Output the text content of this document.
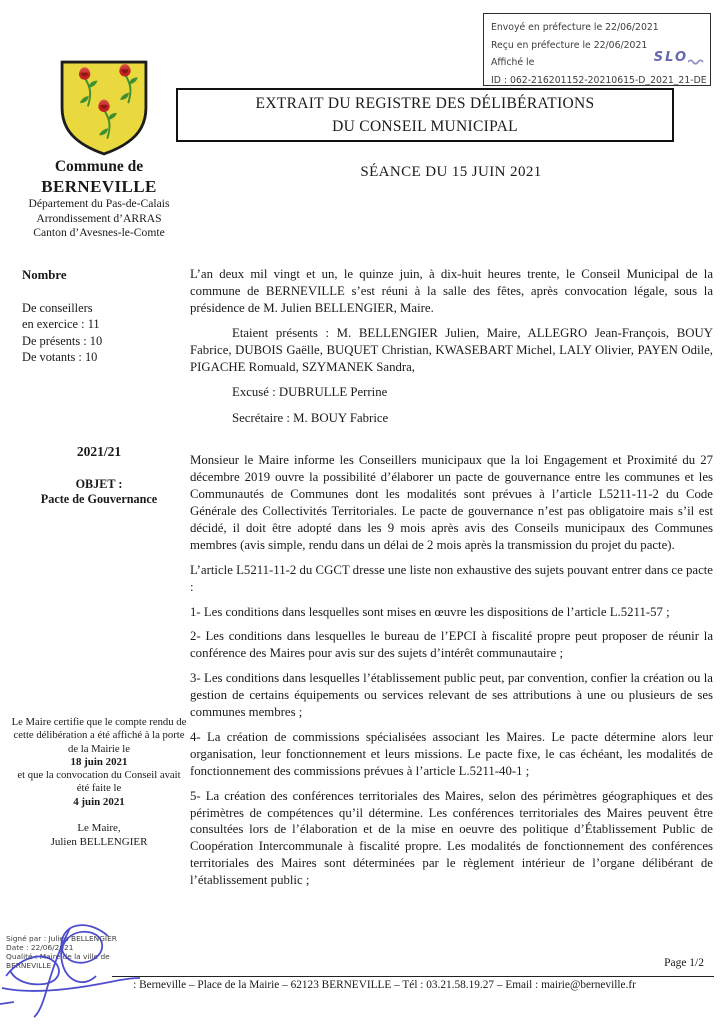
Envoyé en préfecture le 22/06/2021
Reçu en préfecture le 22/06/2021
Affiché le
ID : 062-216201152-20210615-D_2021_21-DE
SLO
Commune de
BERNEVILLE
Département du Pas-de-Calais
Arrondissement d’ARRAS
Canton d’Avesnes-le-Comte
EXTRAIT DU REGISTRE DES DÉLIBÉRATIONS
DU CONSEIL MUNICIPAL
SÉANCE DU 15 JUIN 2021
Nombre
De conseillers
en exercice : 11
De présents : 10
De votants : 10
2021/21
OBJET :
Pacte de Gouvernance
Le Maire certifie que le compte rendu de cette délibération a été affiché à la porte de la Mairie le
18 juin 2021
et que la convocation du Conseil avait été faite le
4 juin 2021
Le Maire,
Julien BELLENGIER

L’an deux mil vingt et un, le quinze juin, à dix-huit heures trente, le Conseil Municipal de la commune de BERNEVILLE s’est réuni à la salle des fêtes, après convocation légale, sous la présidence de M. Julien BELLENGIER, Maire.

Etaient présents : M. BELLENGIER Julien, Maire, ALLEGRO Jean-François, BOUY Fabrice, DUBOIS Gaëlle, BUQUET Christian, KWASEBART Michel, LALY Olivier, PAYEN Odile, PIGACHE Romuald, SZYMANEK Sandra,

Excusé : DUBRULLE Perrine

Secrétaire : M. BOUY Fabrice

Monsieur le Maire informe les Conseillers municipaux que la loi Engagement et Proximité du 27 décembre 2019 ouvre la possibilité d’élaborer un pacte de gouvernance entre les communes et les Communautés de Communes dont les modalités sont prévues à l’article L5211-11-2 du Code Générale des Collectivités Territoriales. Le pacte de gouvernance n’est pas obligatoire mais s’il est décidé, il doit être adopté dans les 9 mois après avis des Conseils municipaux des Communes membres (avis simple, rendu dans un délai de 2 mois après la transmission du projet du pacte).

L’article L5211-11-2 du CGCT dresse une liste non exhaustive des sujets pouvant entrer dans ce pacte :

1- Les conditions dans lesquelles sont mises en œuvre les dispositions de l’article L.5211-57 ;

2- Les conditions dans lesquelles le bureau de l’EPCI à fiscalité propre peut proposer de réunir la conférence des Maires pour avis sur des sujets d’intérêt communautaire ;

3- Les conditions dans lesquelles l’établissement public peut, par convention, confier la création ou la gestion de certains équipements ou services relevant de ses attributions à une ou plusieurs de ses communes membres ;

4- La création de commissions spécialisées associant les Maires. Le pacte détermine alors leur organisation, leur fonctionnement et leurs missions. Le pacte fixe, le cas échéant, les modalités de fonctionnement des commissions prévues à l’article L.5211-40-1 ;

5- La création des conférences territoriales des Maires, selon des périmètres géographiques et des périmètres de compétences qu’il détermine. Les conférences territoriales des Maires peuvent être consultées lors de l’élaboration et de la mise en oeuvre des politique d’Établissement Public de Coopération Intercommunale à fiscalité propre. Les modalités de fonctionnement des conférences territoriales des Maires sont déterminées par le règlement intérieur de l’organe délibérant de l’établissement public ;

Signé par : Julien BELLENGIER
Date : 22/06/2021
Qualité : Maire de la ville de
BERNEVILLE	Page 1/2
: Berneville – Place de la Mairie – 62123 BERNEVILLE – Tél : 03.21.58.19.27 – Email : mairie@berneville.fr
